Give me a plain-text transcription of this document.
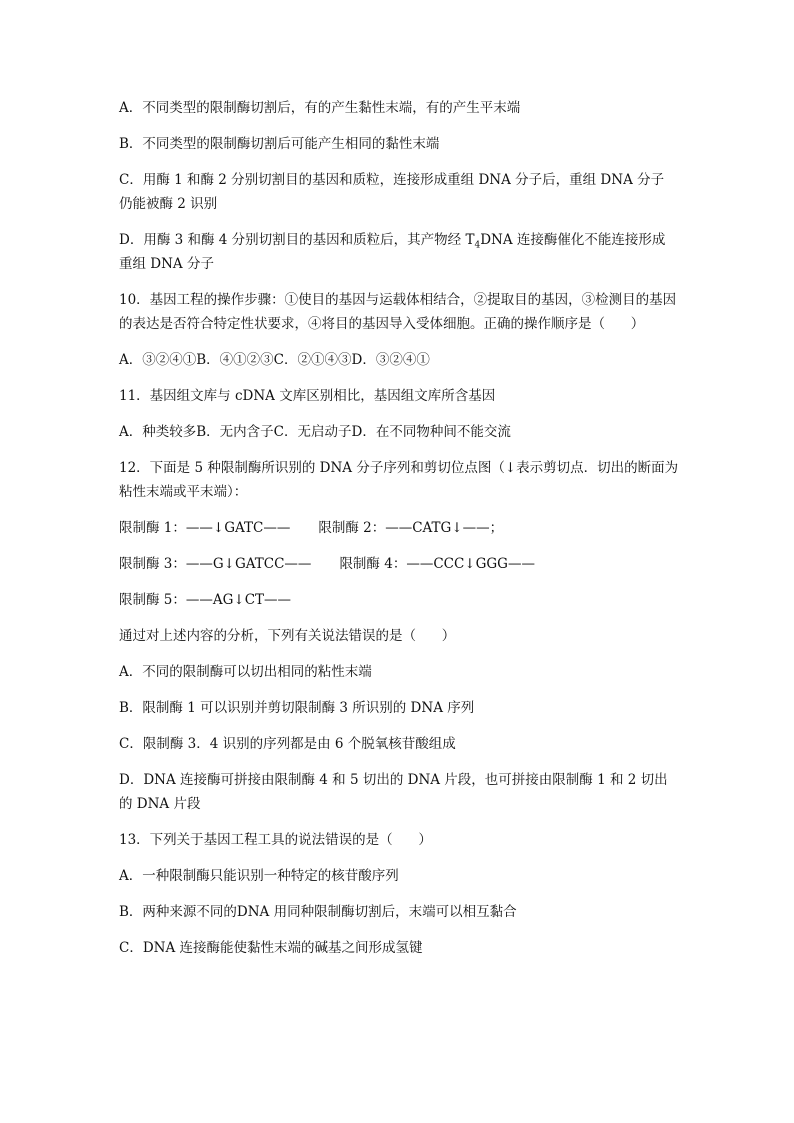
A．不同类型的限制酶切割后，有的产生黏性末端，有的产生平末端

B．不同类型的限制酶切割后可能产生相同的黏性末端

C．用酶 1 和酶 2 分别切割目的基因和质粒，连接形成重组 DNA 分子后，重组 DNA 分子 仍能被酶 2 识别

D．用酶 3 和酶 4 分别切割目的基因和质粒后，其产物经 $T_4DNA$ 连接酶催化不能连接形成 重组 DNA 分子

10．基因工程的操作步骤：①使目的基因与运载体相结合，②提取目的基因，③检测目的基因的表达是否符合特定性状要求，④将目的基因导入受体细胞。正确的操作顺序是（      ）

A．③②④①B．④①②③C．②①④③D．③②④①

11．基因组文库与 cDNA 文库区别相比，基因组文库所含基因

A．种类较多B．无内含子C．无启动子D．在不同物种间不能交流

12．下面是 5 种限制酶所识别的 DNA 分子序列和剪切位点图（↓表示剪切点．切出的断面为粘性末端或平末端）：

限制酶 1：——↓GATC—— 限制酶 2：——CATG↓——；

限制酶 3：——G↓GATCC—— 限制酶 4：——CCC↓GGG——

限制酶 5：——AG↓CT——

通过对上述内容的分析，下列有关说法错误的是（      ）

A．不同的限制酶可以切出相同的粘性末端

B．限制酶 1 可以识别并剪切限制酶 3 所识别的 DNA 序列

C．限制酶 3．4 识别的序列都是由 6 个脱氧核苷酸组成

D．DNA 连接酶可拼接由限制酶 4 和 5 切出的 DNA 片段，也可拼接由限制酶 1 和 2 切出的 DNA 片段

13．下列关于基因工程工具的说法错误的是（      ）

A．一种限制酶只能识别一种特定的核苷酸序列

B．两种来源不同的DNA 用同种限制酶切割后，末端可以相互黏合

C．DNA 连接酶能使黏性末端的碱基之间形成氢键
